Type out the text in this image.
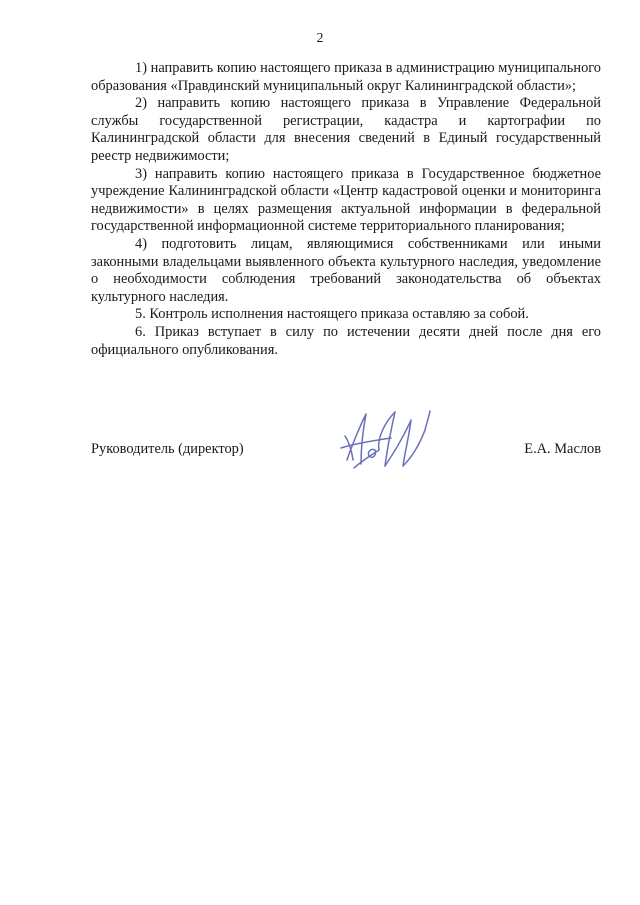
2

1) направить копию настоящего приказа в администрацию муниципального образования «Правдинский муниципальный округ Калининградской области»;

2) направить копию настоящего приказа в Управление Федеральной службы государственной регистрации, кадастра и картографии по Калининградской области для внесения сведений в Единый государственный реестр недвижимости;

3) направить копию настоящего приказа в Государственное бюджетное учреждение Калининградской области «Центр кадастровой оценки и мониторинга недвижимости» в целях размещения актуальной информации в федеральной государственной информационной системе территориального планирования;

4) подготовить лицам, являющимися собственниками или иными законными владельцами выявленного объекта культурного наследия, уведомление о необходимости соблюдения требований законодательства об объектах культурного наследия.

5. Контроль исполнения настоящего приказа оставляю за собой.

6. Приказ вступает в силу по истечении десяти дней после дня его официального опубликования.

Руководитель (директор)	Е.А. Маслов
